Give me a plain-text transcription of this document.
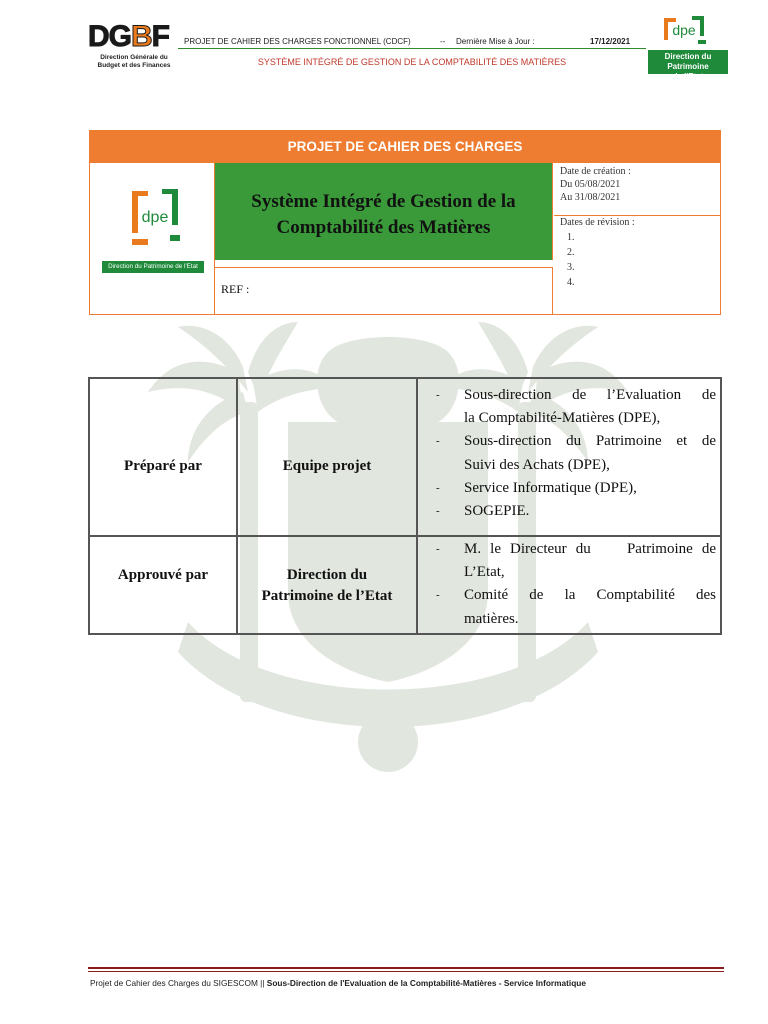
DGBF
Direction Générale du
Budget et des Finances
PROJET DE CAHIER DES CHARGES FONCTIONNEL (CDCF)	-- Dernière Mise à Jour :	17/12/2021
SYSTÈME INTÉGRÉ DE GESTION DE LA COMPTABILITÉ DES MATIÈRES
dpe
Direction du Patrimoine
de l'Etat
PROJET DE CAHIER DES CHARGES
dpe
Direction du Patrimoine de l'Etat
Système Intégré de Gestion de la
Comptabilité des Matières
REF :
Date de création :
Du 05/08/2021
Au 31/08/2021
Dates de révision :
1.
2.
3.
4.
Préparé par	Equipe projet
- Sous-direction de l’Evaluation de
la Comptabilité-Matières (DPE),
- Sous-direction du Patrimoine et de
Suivi des Achats (DPE),
- Service Informatique (DPE),
- SOGEPIE.
Approuvé par	Direction du
Patrimoine de l’Etat
- M. le Directeur du    Patrimoine de
L’Etat,
- Comité de la Comptabilité des
matières.
Projet de Cahier des Charges du SIGESCOM || Sous-Direction de l'Evaluation de la Comptabilité-Matières - Service Informatique
